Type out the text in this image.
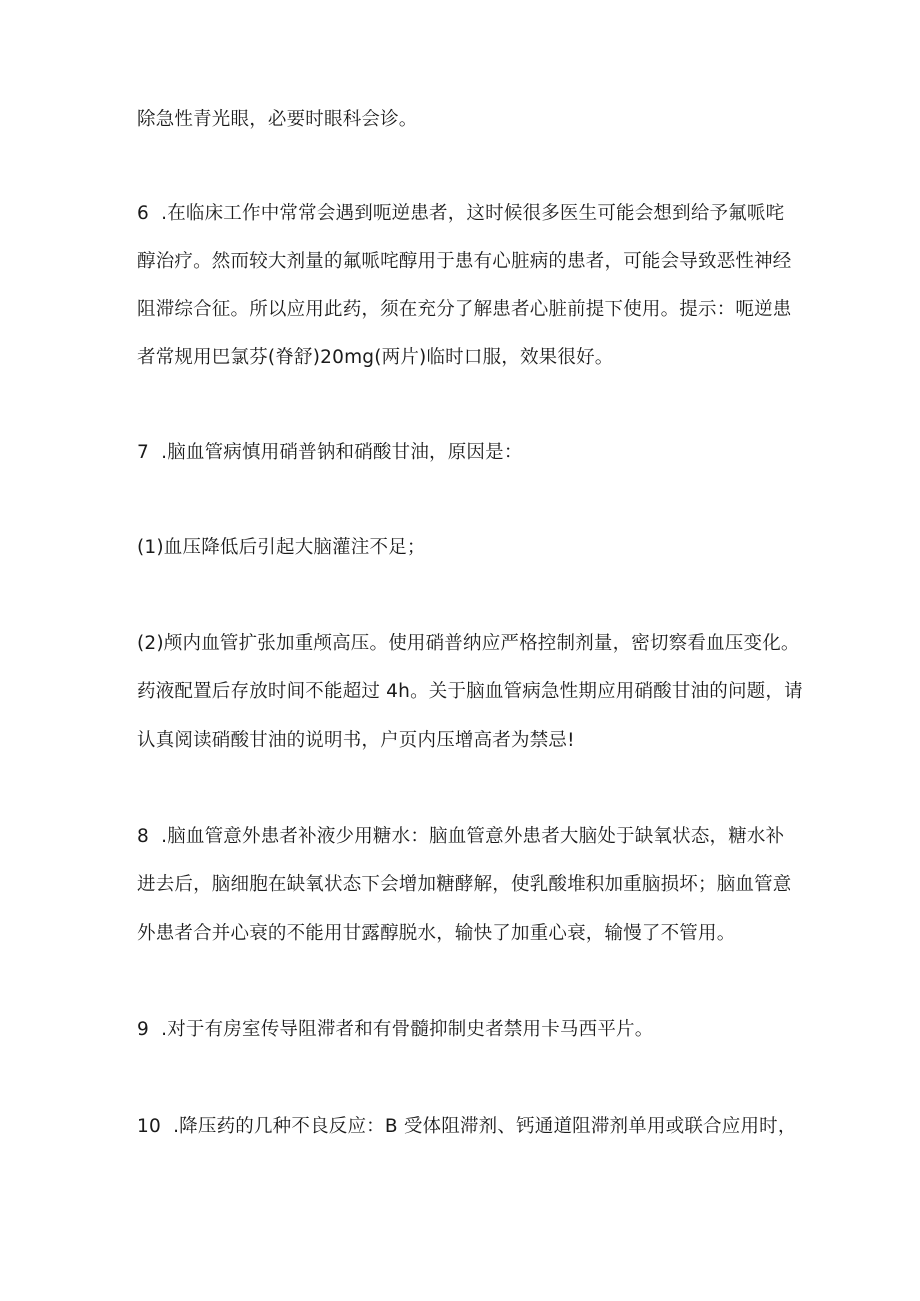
除急性青光眼，必要时眼科会诊。
6  .在临床工作中常常会遇到呃逆患者，这时候很多医生可能会想到给予氟哌咤
醇治疗。然而较大剂量的氟哌咤醇用于患有心脏病的患者，可能会导致恶性神经
阻滞综合征。所以应用此药，须在充分了解患者心脏前提下使用。提示：呃逆患
者常规用巴氯芬(脊舒)20mg(两片)临时口服，效果很好。
7  .脑血管病慎用硝普钠和硝酸甘油，原因是：
(1)血压降低后引起大脑灌注不足；
(2)颅内血管扩张加重颅高压。使用硝普纳应严格控制剂量，密切察看血压变化。
药液配置后存放时间不能超过 4h。关于脑血管病急性期应用硝酸甘油的问题，请
认真阅读硝酸甘油的说明书，户页内压增高者为禁忌!
8  .脑血管意外患者补液少用糖水：脑血管意外患者大脑处于缺氧状态，糖水补
进去后，脑细胞在缺氧状态下会增加糖酵解，使乳酸堆积加重脑损坏；脑血管意
外患者合并心衰的不能用甘露醇脱水，输快了加重心衰，输慢了不管用。
9  .对于有房室传导阻滞者和有骨髓抑制史者禁用卡马西平片。
10  .降压药的几种不良反应：B 受体阻滞剂、钙通道阻滞剂单用或联合应用时，
